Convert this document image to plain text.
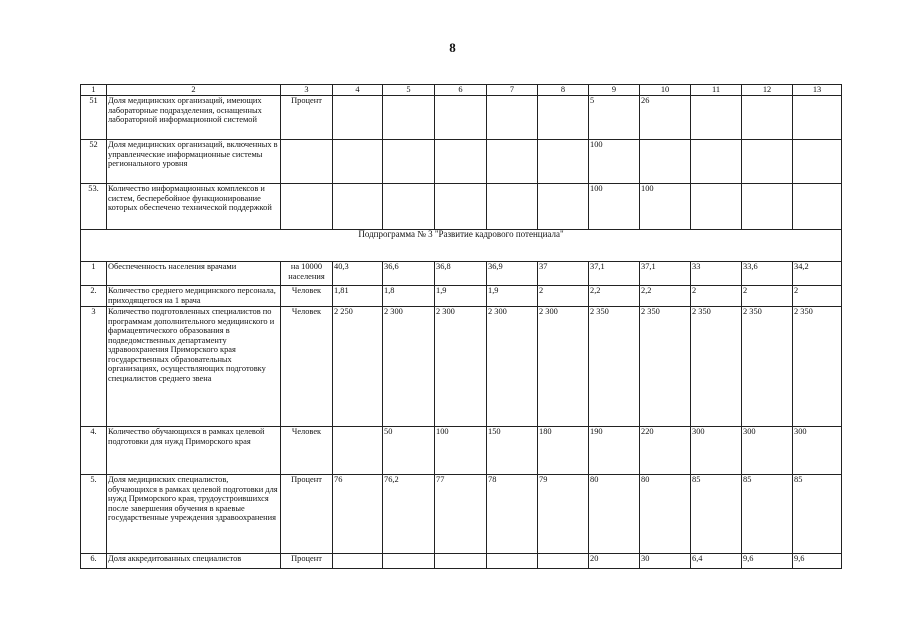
8
1	2	3	4	5	6	7	8	9	10	11	12	13
51	Доля медицинских организаций, имеющих лабораторные подразделения, оснащенных лабораторной информационной системой	Процент						5	26			
52	Доля медицинских организаций, включенных в управленческие информационные системы регионального уровня							100				
53.	Количество информационных комплексов и систем, бесперебойное функционирование которых обеспечено технической поддержкой							100	100			
Подпрограмма № 3 "Развитие кадрового потенциала"												
1	Обеспеченность населения врачами	на 10000 населения	40,3	36,6	36,8	36,9	37	37,1	37,1	33	33,6	34,2
2.	Количество среднего медицинского персонала, приходящегося на 1 врача	Человек	1,81	1,8	1,9	1,9	2	2,2	2,2	2	2	2
3	Количество подготовленных специалистов по программам дополнительного медицинского и фармацевтического образования в подведомственных департаменту здравоохранения Приморского края государственных образовательных организациях, осуществляющих подготовку специалистов среднего звена	Человек	2 250	2 300	2 300	2 300	2 300	2 350	2 350	2 350	2 350	2 350
4.	Количество обучающихся в рамках целевой подготовки для нужд Приморского края	Человек		50	100	150	180	190	220	300	300	300
5.	Доля медицинских специалистов, обучающихся в рамках целевой подготовки для нужд Приморского края, трудоустроившихся после завершения обучения в краевые государственные учреждения здравоохранения	Процент	76	76,2	77	78	79	80	80	85	85	85
6.	Доля аккредитованных специалистов	Процент						20	30	6,4	9,6	9,6
